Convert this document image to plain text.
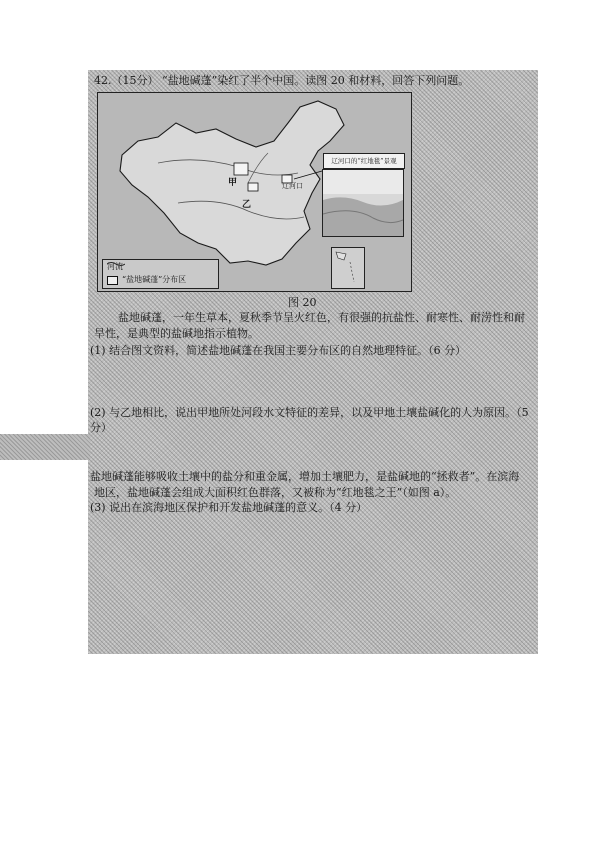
42.（15分） “盐地碱蓬”染红了半个中国。读图 20 和材料，回答下列问题。
甲
乙
辽河口
辽河口的“红地毯”景观
河流
“盐地碱蓬”分布区
图 20
盐地碱蓬，一年生草本，夏秋季节呈火红色，有很强的抗盐性、耐寒性、耐涝性和耐
旱性，是典型的盐碱地指示植物。
(1) 结合图文资料，简述盐地碱蓬在我国主要分布区的自然地理特征。（6 分）
(2) 与乙地相比，说出甲地所处河段水文特征的差异，以及甲地土壤盐碱化的人为原因。（5
分）
盐地碱蓬能够吸收土壤中的盐分和重金属，增加土壤肥力，是盐碱地的“拯救者”。在滨海
地区，盐地碱蓬会组成大面积红色群落，又被称为“红地毯之王”（如图 a）。
(3) 说出在滨海地区保护和开发盐地碱蓬的意义。（4 分）
